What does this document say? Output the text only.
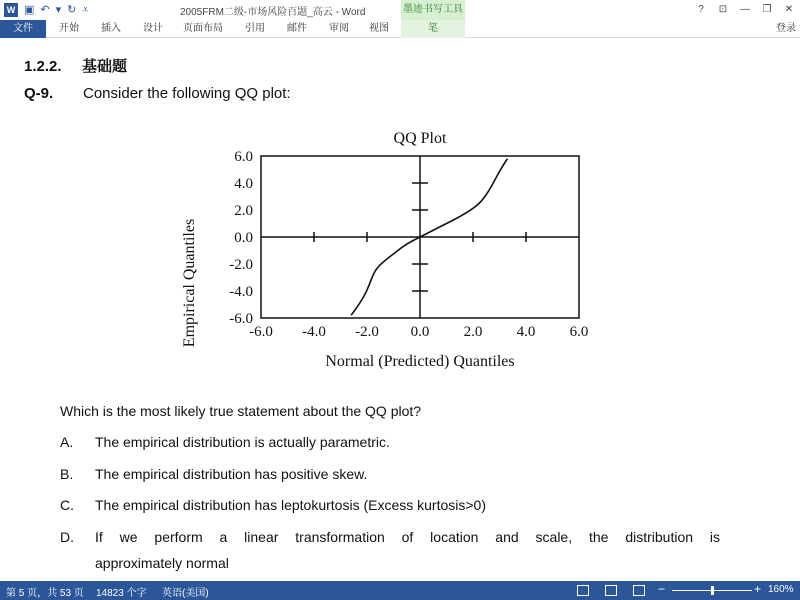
W ▣ ↶ ▾ ↻ ⩡	2005FRM二级-市场风险百题_高云 - Word	墨迹书写工具	?	⊡	—	❐	✕
文件	开始	插入	设计	页面布局	引用	邮件	审阅	视图	笔	登录
1.2.2. 基础题
Q-9. Consider the following QQ plot:
QQ Plot
-6.0 -4.0 -2.0 0.0 2.0 4.0 6.0
6.0
4.0
2.0
0.0
-2.0
-4.0
-6.0
Normal (Predicted) Quantiles
Empirical Quantiles
Which is the most likely true statement about the QQ plot?
A. The empirical distribution is actually parametric.
B. The empirical distribution has positive skew.
C. The empirical distribution has leptokurtosis (Excess kurtosis>0)
D. If we perform a linear transformation of location and scale, the distribution is
approximately normal
第 5 页，共 53 页 14823 个字 英语(美国)	−	+ 160%
